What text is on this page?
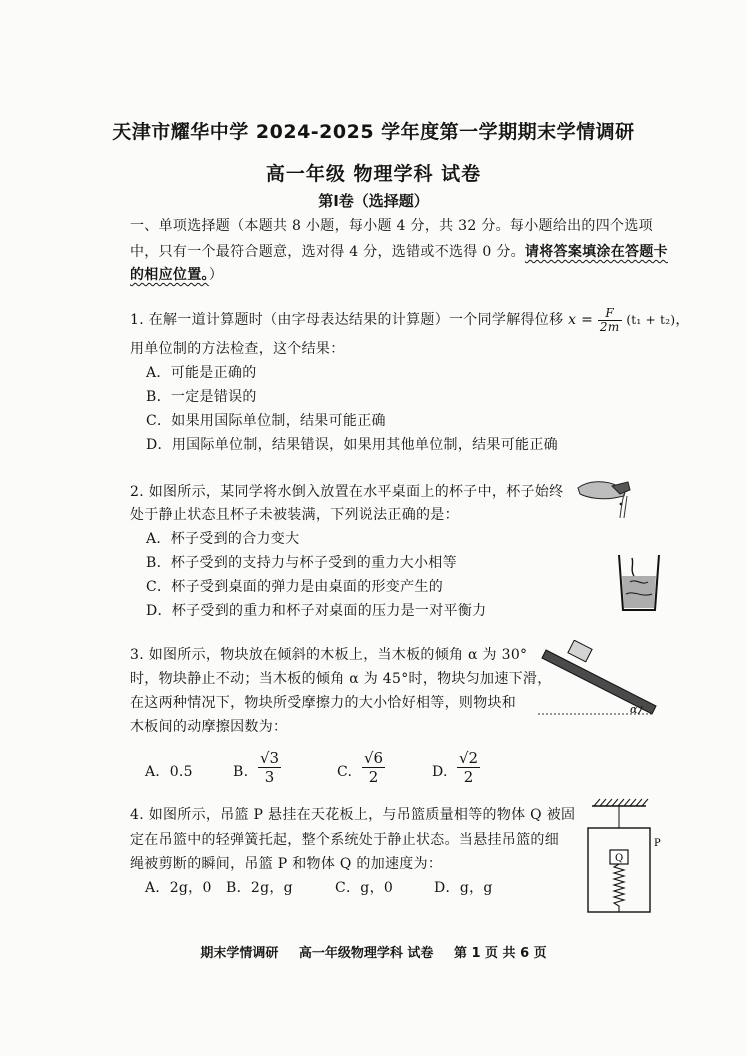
天津市耀华中学 2024-2025 学年度第一学期期末学情调研
高一年级 物理学科 试卷
第Ⅰ卷（选择题）
一、单项选择题（本题共 8 小题，每小题 4 分，共 32 分。每小题给出的四个选项
中，只有一个最符合题意，选对得 4 分，选错或不选得 0 分。请将答案填涂在答题卡
的相应位置。）
1. 在解一道计算题时（由字母表达结果的计算题）一个同学解得位移 $x = \frac{F}{2m} (t_1 + t_2)$，
用单位制的方法检查，这个结果：
A．可能是正确的
B．一定是错误的
C．如果用国际单位制，结果可能正确
D．用国际单位制，结果错误，如果用其他单位制，结果可能正确
2. 如图所示，某同学将水倒入放置在水平桌面上的杯子中，杯子始终
处于静止状态且杯子未被装满，下列说法正确的是：
A．杯子受到的合力变大
B．杯子受到的支持力与杯子受到的重力大小相等
C．杯子受到桌面的弹力是由桌面的形变产生的
D．杯子受到的重力和杯子对桌面的压力是一对平衡力
3. 如图所示，物块放在倾斜的木板上，当木板的倾角 α 为 30°
时，物块静止不动；当木板的倾角 α 为 45°时，物块匀加速下滑，
在这两种情况下，物块所受摩擦力的大小恰好相等，则物块和
木板间的动摩擦因数为：
A．0.5	B. $\frac{√3}{3}$	C. $\frac{√6}{2}$	D. $\frac{√2}{2}$
α
4. 如图所示，吊篮 P 悬挂在天花板上，与吊篮质量相等的物体 Q 被固
定在吊篮中的轻弹簧托起，整个系统处于静止状态。当悬挂吊篮的细
绳被剪断的瞬间，吊篮 P 和物体 Q 的加速度为：
A．2g，0 B．2g，g	C．g，0	D．g，g
P
Q
期末学情调研 高一年级物理学科 试卷 第 1 页 共 6 页
